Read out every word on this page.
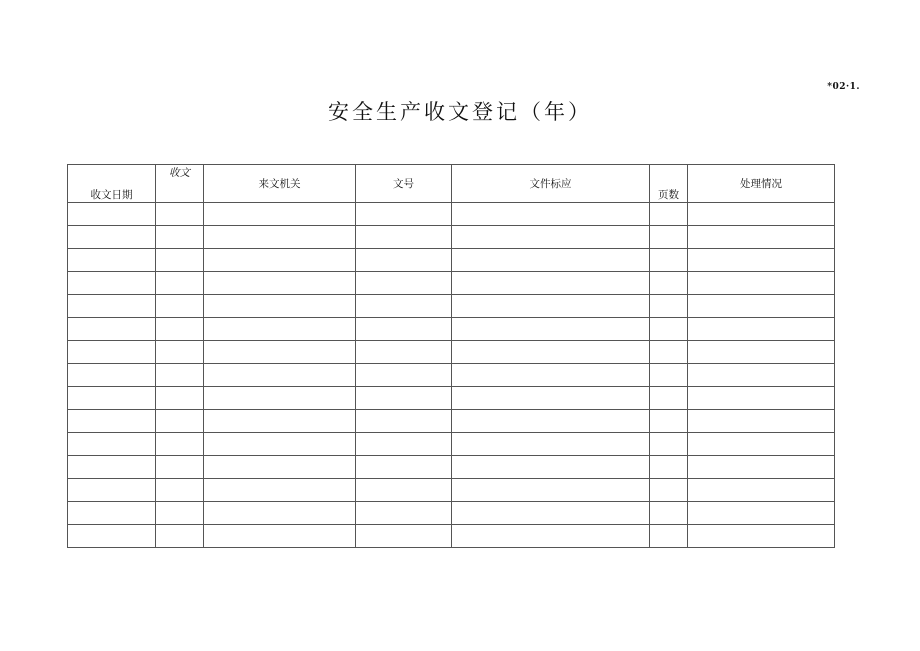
*02·1.
安全生产收文登记（年）
收文日期	收文	来文机关	文号	文件标应	页数	处理情况
